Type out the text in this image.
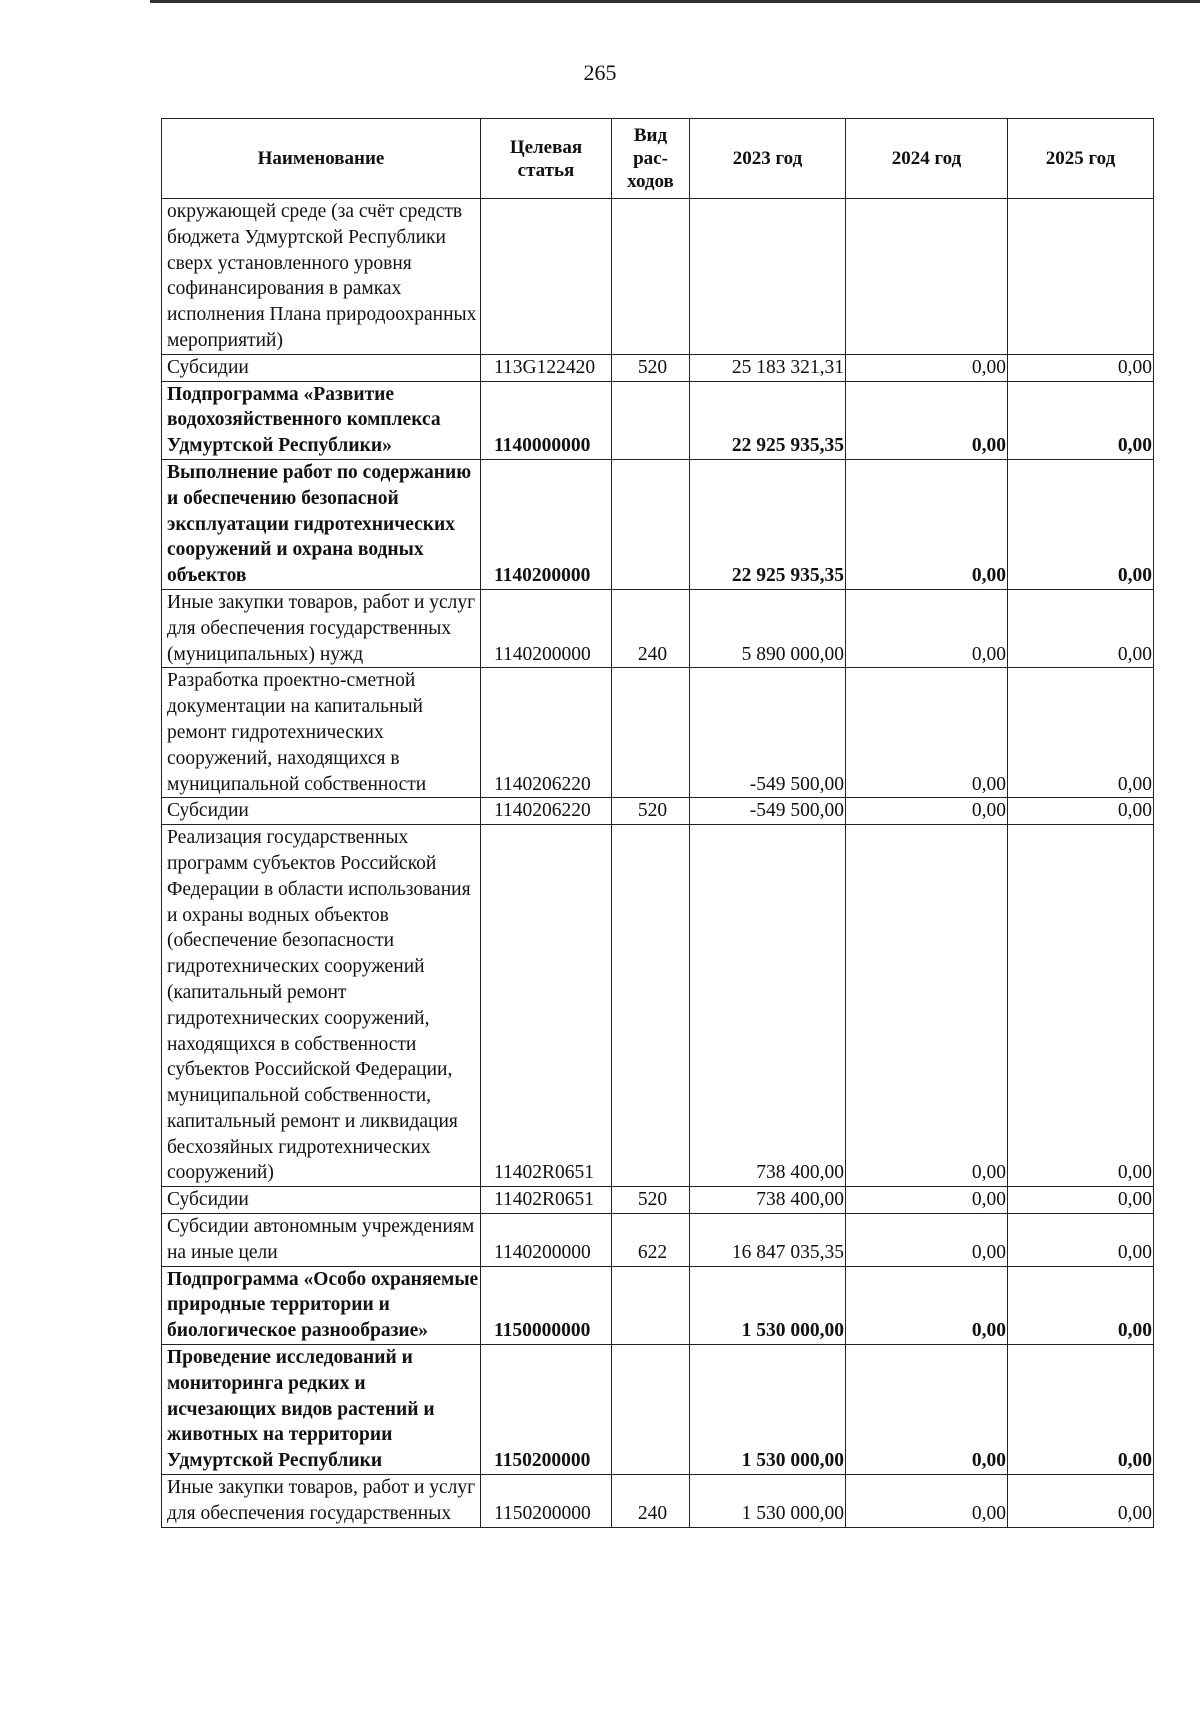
265
Наименование	Целевая статья	Вид рас- ходов	2023 год	2024 год	2025 год
окружающей среде (за счёт средств бюджета Удмуртской Республики сверх установленного уровня софинансирования в рамках исполнения Плана природоохранных мероприятий)					
Субсидии	113G122420	520	25 183 321,31	0,00	0,00
Подпрограмма «Развитие водохозяйственного комплекса Удмуртской Республики»	1140000000		22 925 935,35	0,00	0,00
Выполнение работ по содержанию и обеспечению безопасной эксплуатации гидротехнических сооружений и охрана водных объектов	1140200000		22 925 935,35	0,00	0,00
Иные закупки товаров, работ и услуг для обеспечения государственных (муниципальных) нужд	1140200000	240	5 890 000,00	0,00	0,00
Разработка проектно-сметной документации на капитальный ремонт гидротехнических сооружений, находящихся в муниципальной собственности	1140206220		-549 500,00	0,00	0,00
Субсидии	1140206220	520	-549 500,00	0,00	0,00
Реализация государственных программ субъектов Российской Федерации в области использования и охраны водных объектов (обеспечение безопасности гидротехнических сооружений (капитальный ремонт гидротехнических сооружений, находящихся в собственности субъектов Российской Федерации, муниципальной собственности, капитальный ремонт и ликвидация бесхозяйных гидротехнических сооружений)	11402R0651		738 400,00	0,00	0,00
Субсидии	11402R0651	520	738 400,00	0,00	0,00
Субсидии автономным учреждениям на иные цели	1140200000	622	16 847 035,35	0,00	0,00
Подпрограмма «Особо охраняемые природные территории и биологическое разнообразие»	1150000000		1 530 000,00	0,00	0,00
Проведение исследований и мониторинга редких и исчезающих видов растений и животных на территории Удмуртской Республики	1150200000		1 530 000,00	0,00	0,00
Иные закупки товаров, работ и услуг для обеспечения государственных	1150200000	240	1 530 000,00	0,00	0,00
